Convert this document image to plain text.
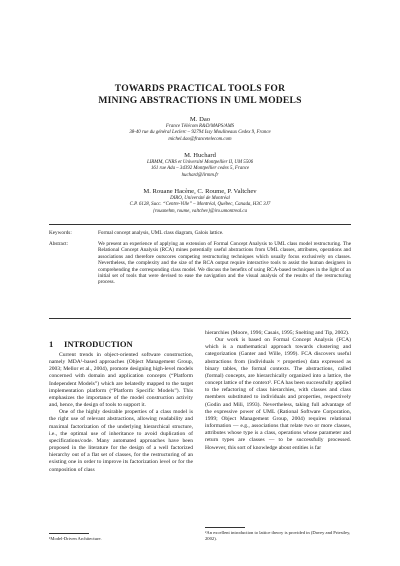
TOWARDS PRACTICAL TOOLS FOR
MINING ABSTRACTIONS IN UML MODELS
M. Dao
France Télécom R&D/MAPS/AMS
38-40 rue du général Leclerc – 92794 Issy Moulineaux Cedex 9, France
michel.dao@francetelecom.com
M. Huchard
LIRMM, CNRS et Université Montpellier II, UM 5506
161 rue Ada – 34392 Montpellier cedex 5, France
huchard@lirmm.fr
M. Rouane Hacène, C. Roume, P. Valtchev
DIRO, Université de Montréal
C.P. 6128, Succ. “Centre-Ville” – Montréal, Québec, Canada, H3C 3J7
{rouanehm, roume, valtchev}@iro.umontreal.ca
Keywords:	Formal concept analysis, UML class diagram, Galois lattice.
Abstract:	We present an experience of applying an extension of Formal Concept Analysis to UML class model restructuring. The Relational Concept Analysis (RCA) mines potentially useful abstractions from UML classes, attributes, operations and associations and therefore outscores competing restructuring techniques which usually focus exclusively on classes. Nevertheless, the complexity and the size of the RCA output require interactive tools to assist the human designers in comprehending the corresponding class model. We discuss the benefits of using RCA-based techniques in the light of an initial set of tools that were devised to ease the navigation and the visual analysis of the results of the restructuring process.
1 INTRODUCTION

Current trends in object-oriented software construction, namely MDA¹-based approaches (Object Management Group, 2003; Mellor et al., 2004), promote designing high-level models concerned with domain and application concepts (“Platform Independent Models”) which are belatedly mapped to the target implementation platform (“Platform Specific Models”). This emphasizes the importance of the model construction activity and, hence, the design of tools to support it.

One of the highly desirable properties of a class model is the right use of relevant abstractions, allowing readability and maximal factorization of the underlying hierarchical structure, i.e., the optimal use of inheritance to avoid duplication of specifications/code. Many automated approaches have been proposed in the literature for the design of a well factorized hierarchy out of a flat set of classes, for the restructuring of an existing one in order to improve its factorization level or for the composition of class

¹Model-Driven Architecture.

hierarchies (Moore, 1996; Casais, 1995; Snelting and Tip, 2002).

Our work is based on Formal Concept Analysis (FCA) which is a mathematical approach towards clustering and categorization (Ganter and Wille, 1999). FCA discovers useful abstractions from (individuals × properties) data expressed as binary tables, the formal contexts. The abstractions, called (formal) concepts, are hierarchically organized into a lattice, the concept lattice of the context². FCA has been successfully applied to the refactoring of class hierarchies, with classes and class members substituted to individuals and properties, respectively (Godin and Mili, 1993). Nevertheless, taking full advantage of the expressive power of UML (Rational Software Corporation, 1999; Object Management Group, 2004) requires relational information — e.g., associations that relate two or more classes, attributes whose type is a class, operations whose parameter and return types are classes — to be successfully processed. However, this sort of knowledge about entities is far

²An excellent introduction to lattice theory is provided in (Davey and Priestley, 2002).
